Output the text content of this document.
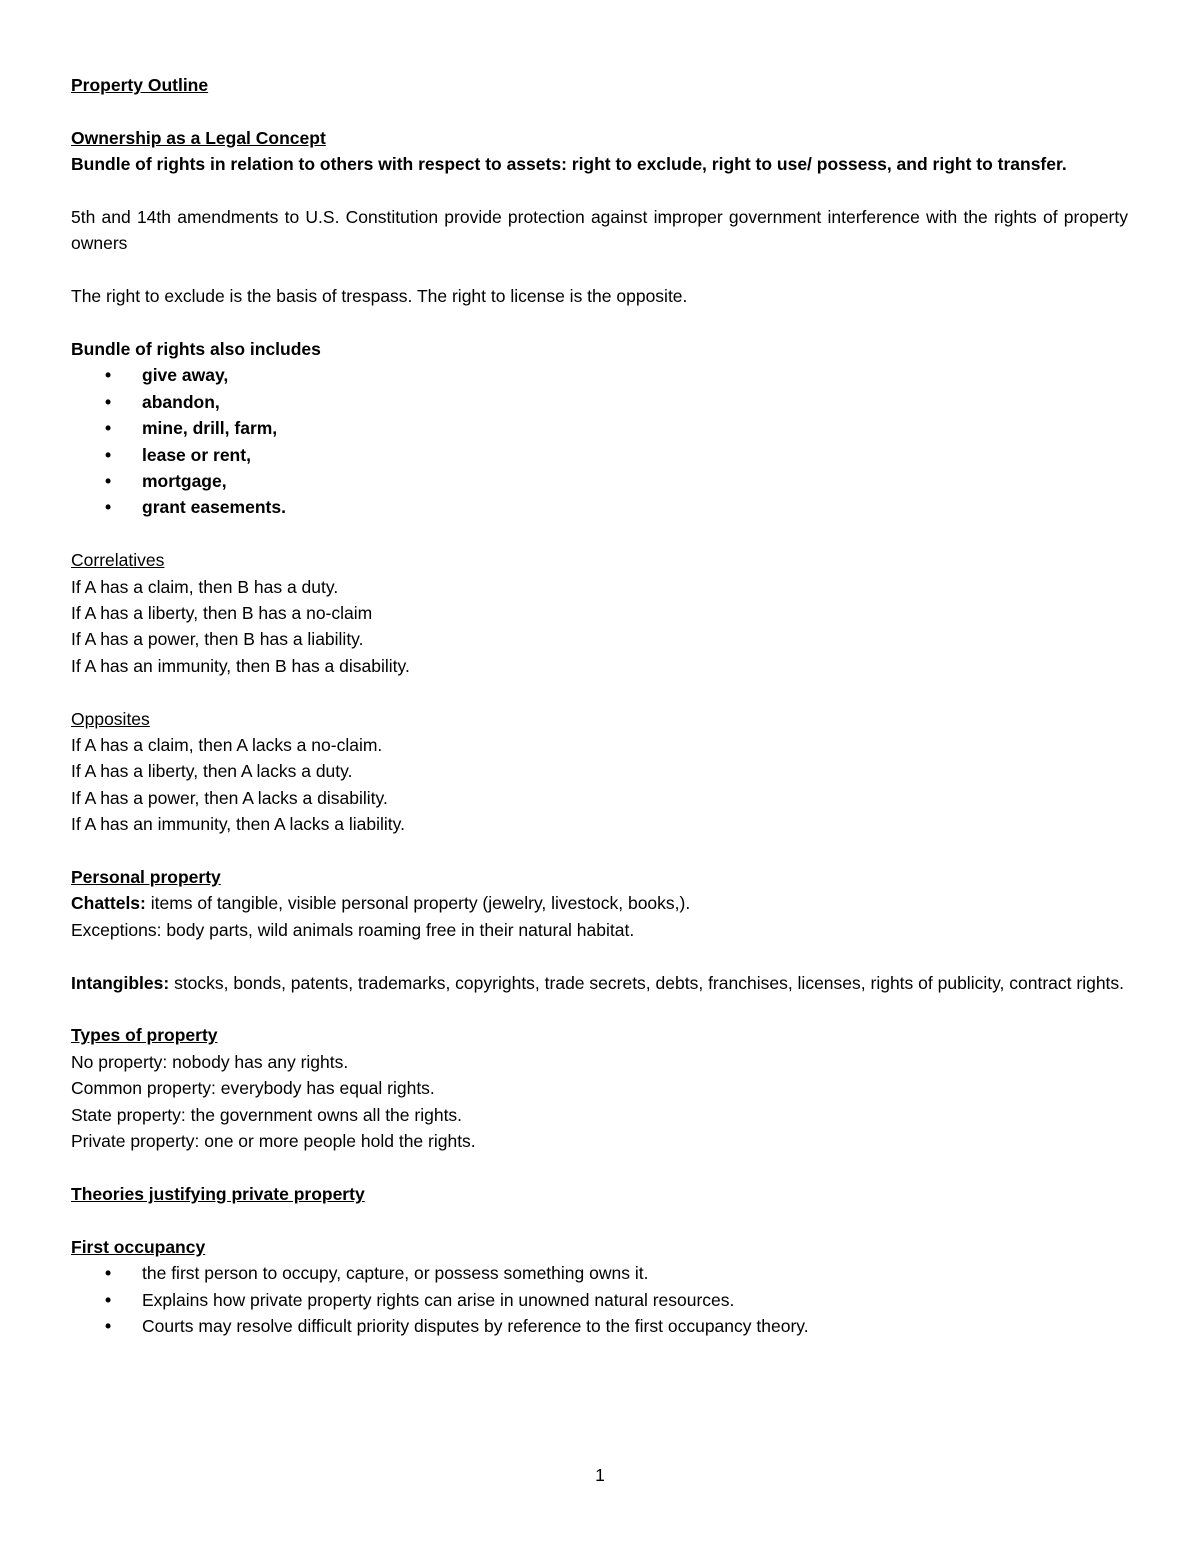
Property Outline

Ownership as a Legal Concept

Bundle of rights in relation to others with respect to assets: right to exclude, right to use/ possess, and right to transfer.

5th and 14th amendments to U.S. Constitution provide protection against improper government interference with the rights of property owners

The right to exclude is the basis of trespass. The right to license is the opposite.

Bundle of rights also includes

• give away,
• abandon,
• mine, drill, farm,
• lease or rent,
• mortgage,
• grant easements.

Correlatives

If A has a claim, then B has a duty.

If A has a liberty, then B has a no-claim

If A has a power, then B has a liability.

If A has an immunity, then B has a disability.

Opposites

If A has a claim, then A lacks a no-claim.

If A has a liberty, then A lacks a duty.

If A has a power, then A lacks a disability.

If A has an immunity, then A lacks a liability.

Personal property

Chattels: items of tangible, visible personal property (jewelry, livestock, books,).

Exceptions: body parts, wild animals roaming free in their natural habitat.

Intangibles: stocks, bonds, patents, trademarks, copyrights, trade secrets, debts, franchises, licenses, rights of publicity, contract rights.

Types of property

No property: nobody has any rights.

Common property: everybody has equal rights.

State property: the government owns all the rights.

Private property: one or more people hold the rights.

Theories justifying private property

First occupancy

• the first person to occupy, capture, or possess something owns it.
• Explains how private property rights can arise in unowned natural resources.
• Courts may resolve difficult priority disputes by reference to the first occupancy theory.
1
